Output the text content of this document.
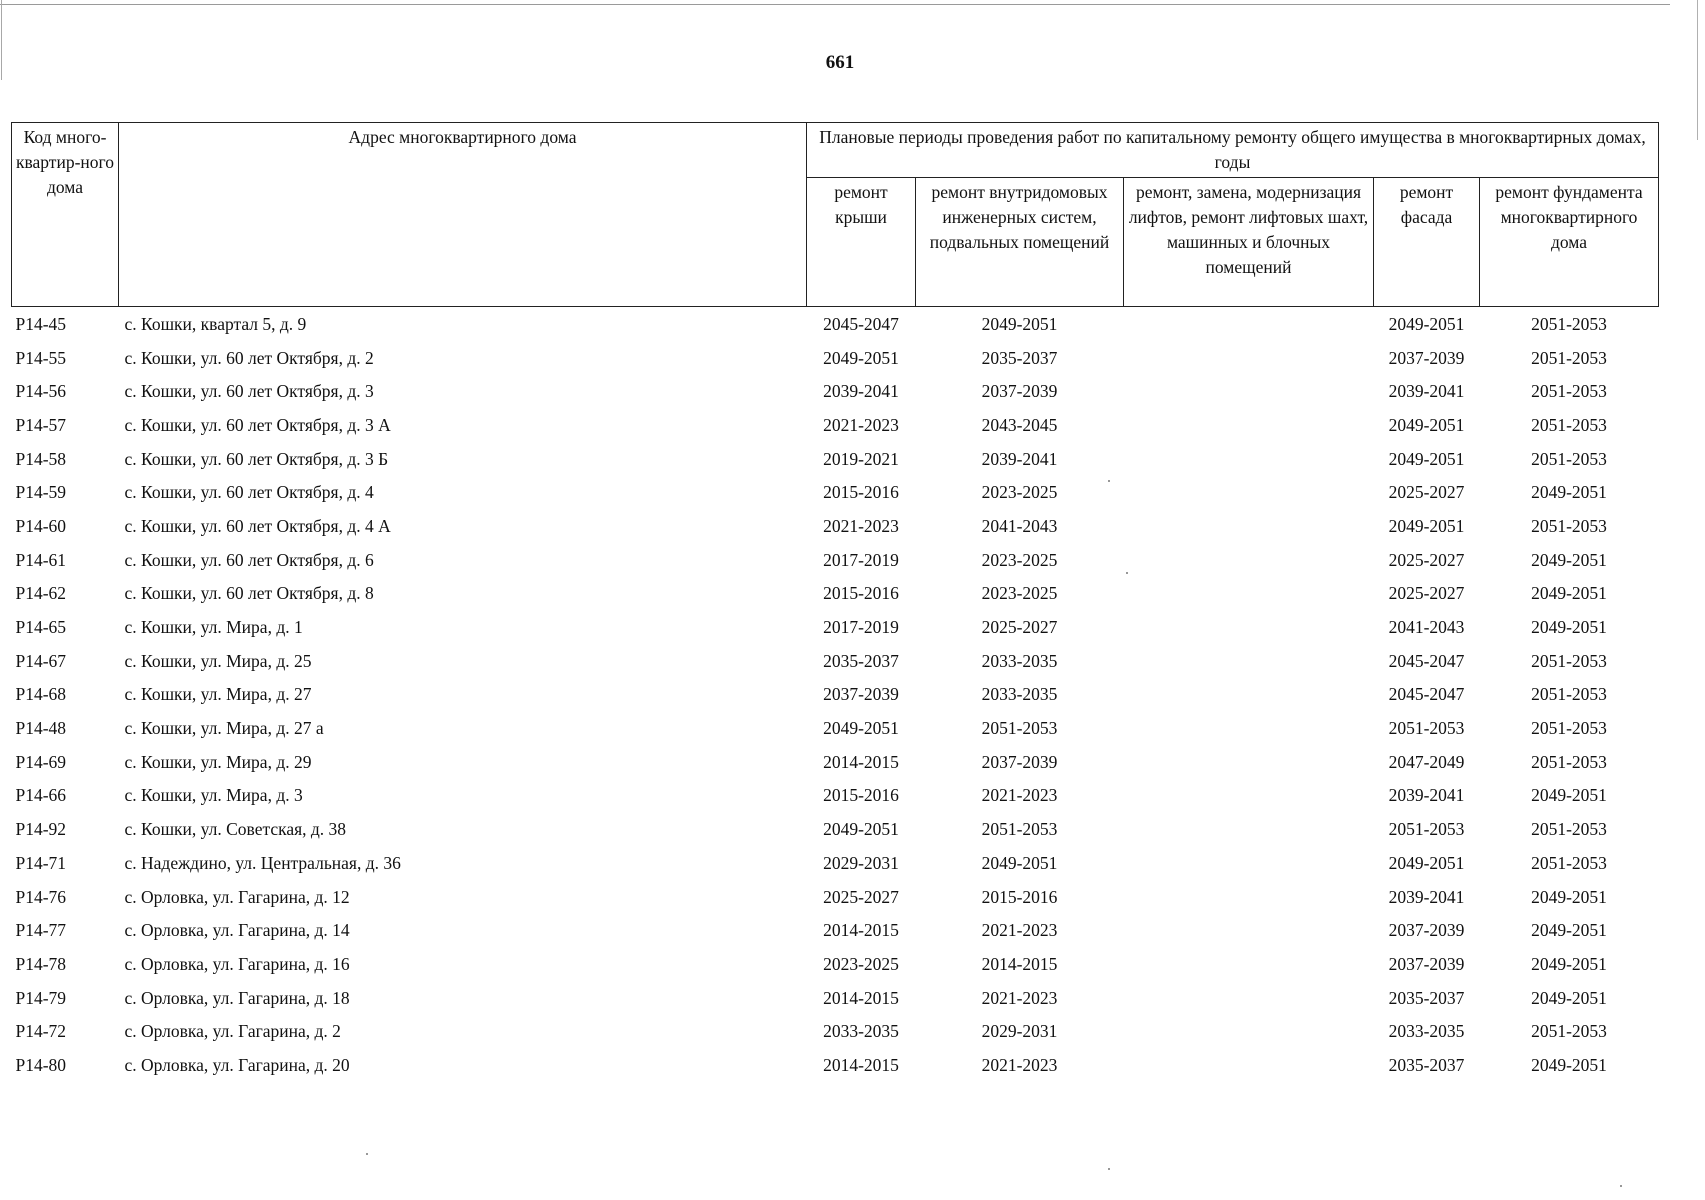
661
Код много-квартир-ного дома	Адрес многоквартирного дома	Плановые периоды проведения работ по капитальному ремонту общего имущества в многоквартирных домах, годы				
		ремонт крыши	ремонт внутридомовых инженерных систем, подвальных помещений	ремонт, замена, модернизация лифтов, ремонт лифтовых шахт, машинных и блочных помещений	ремонт фасада	ремонт фундамента многоквартирного дома
Р14-45	с. Кошки, квартал 5, д. 9	2045-2047	2049-2051		2049-2051	2051-2053
Р14-55	с. Кошки, ул. 60 лет Октября, д. 2	2049-2051	2035-2037		2037-2039	2051-2053
Р14-56	с. Кошки, ул. 60 лет Октября, д. 3	2039-2041	2037-2039		2039-2041	2051-2053
Р14-57	с. Кошки, ул. 60 лет Октября, д. 3 А	2021-2023	2043-2045		2049-2051	2051-2053
Р14-58	с. Кошки, ул. 60 лет Октября, д. 3 Б	2019-2021	2039-2041		2049-2051	2051-2053
Р14-59	с. Кошки, ул. 60 лет Октября, д. 4	2015-2016	2023-2025		2025-2027	2049-2051
Р14-60	с. Кошки, ул. 60 лет Октября, д. 4 А	2021-2023	2041-2043		2049-2051	2051-2053
Р14-61	с. Кошки, ул. 60 лет Октября, д. 6	2017-2019	2023-2025		2025-2027	2049-2051
Р14-62	с. Кошки, ул. 60 лет Октября, д. 8	2015-2016	2023-2025		2025-2027	2049-2051
Р14-65	с. Кошки, ул. Мира, д. 1	2017-2019	2025-2027		2041-2043	2049-2051
Р14-67	с. Кошки, ул. Мира, д. 25	2035-2037	2033-2035		2045-2047	2051-2053
Р14-68	с. Кошки, ул. Мира, д. 27	2037-2039	2033-2035		2045-2047	2051-2053
Р14-48	с. Кошки, ул. Мира, д. 27 а	2049-2051	2051-2053		2051-2053	2051-2053
Р14-69	с. Кошки, ул. Мира, д. 29	2014-2015	2037-2039		2047-2049	2051-2053
Р14-66	с. Кошки, ул. Мира, д. 3	2015-2016	2021-2023		2039-2041	2049-2051
Р14-92	с. Кошки, ул. Советская, д. 38	2049-2051	2051-2053		2051-2053	2051-2053
Р14-71	с. Надеждино, ул. Центральная, д. 36	2029-2031	2049-2051		2049-2051	2051-2053
Р14-76	с. Орловка, ул. Гагарина, д. 12	2025-2027	2015-2016		2039-2041	2049-2051
Р14-77	с. Орловка, ул. Гагарина, д. 14	2014-2015	2021-2023		2037-2039	2049-2051
Р14-78	с. Орловка, ул. Гагарина, д. 16	2023-2025	2014-2015		2037-2039	2049-2051
Р14-79	с. Орловка, ул. Гагарина, д. 18	2014-2015	2021-2023		2035-2037	2049-2051
Р14-72	с. Орловка, ул. Гагарина, д. 2	2033-2035	2029-2031		2033-2035	2051-2053
Р14-80	с. Орловка, ул. Гагарина, д. 20	2014-2015	2021-2023		2035-2037	2049-2051
